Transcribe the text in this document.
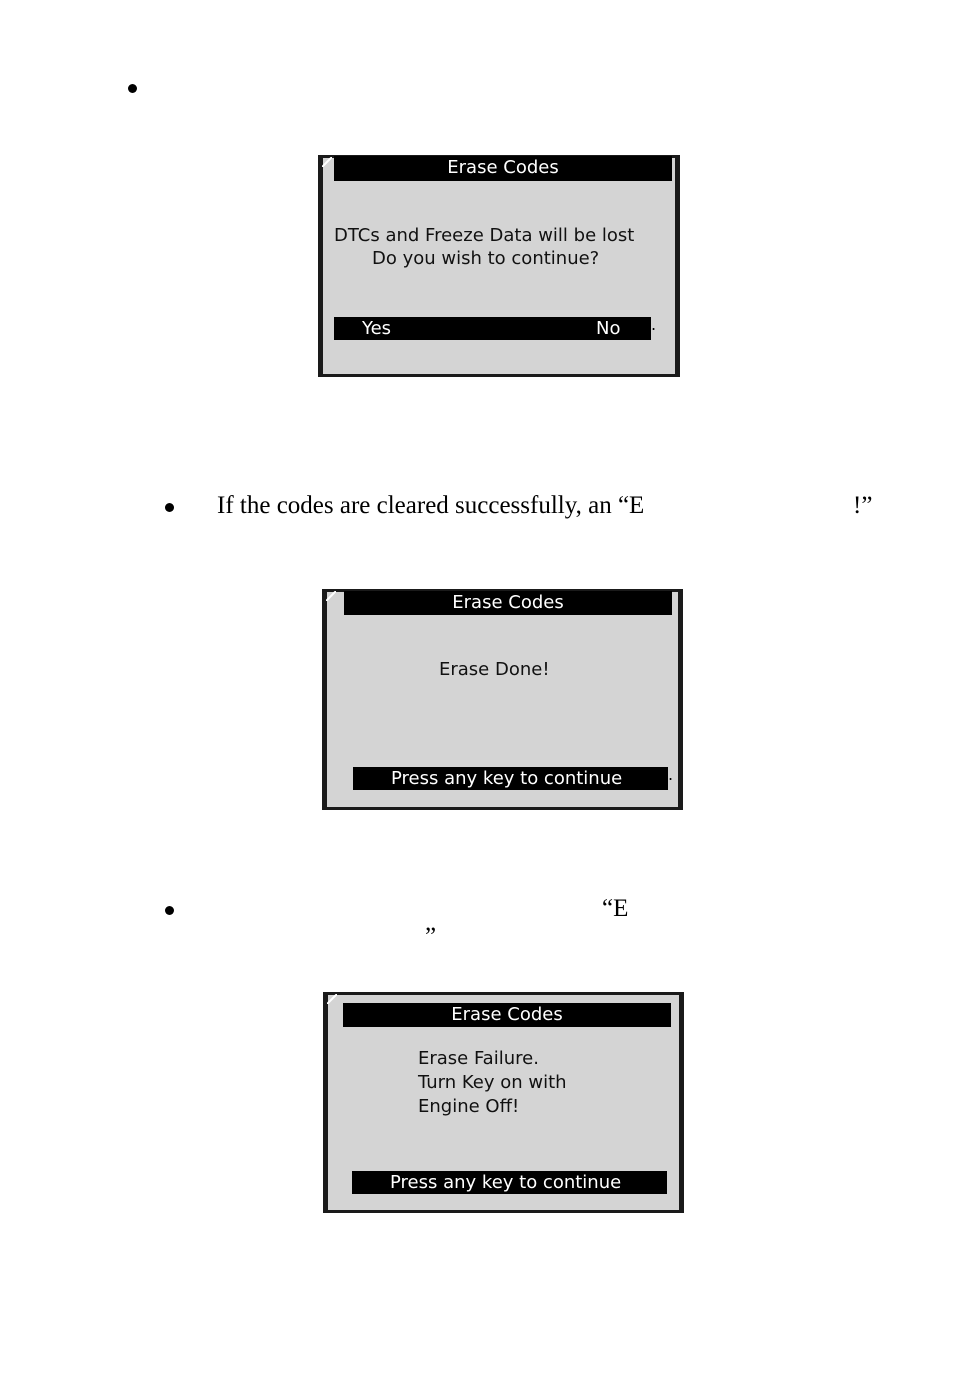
Erase Codes
DTCs and Freeze Data will be lost
Do you wish to continue?
Yes	No .
If the codes are cleared successfully, an “E	!”
Erase Codes
Erase Done!
Press any key to continue	.
“E
”
Erase Codes
Erase Failure.
Turn Key on with
Engine Off!
Press any key to continue
